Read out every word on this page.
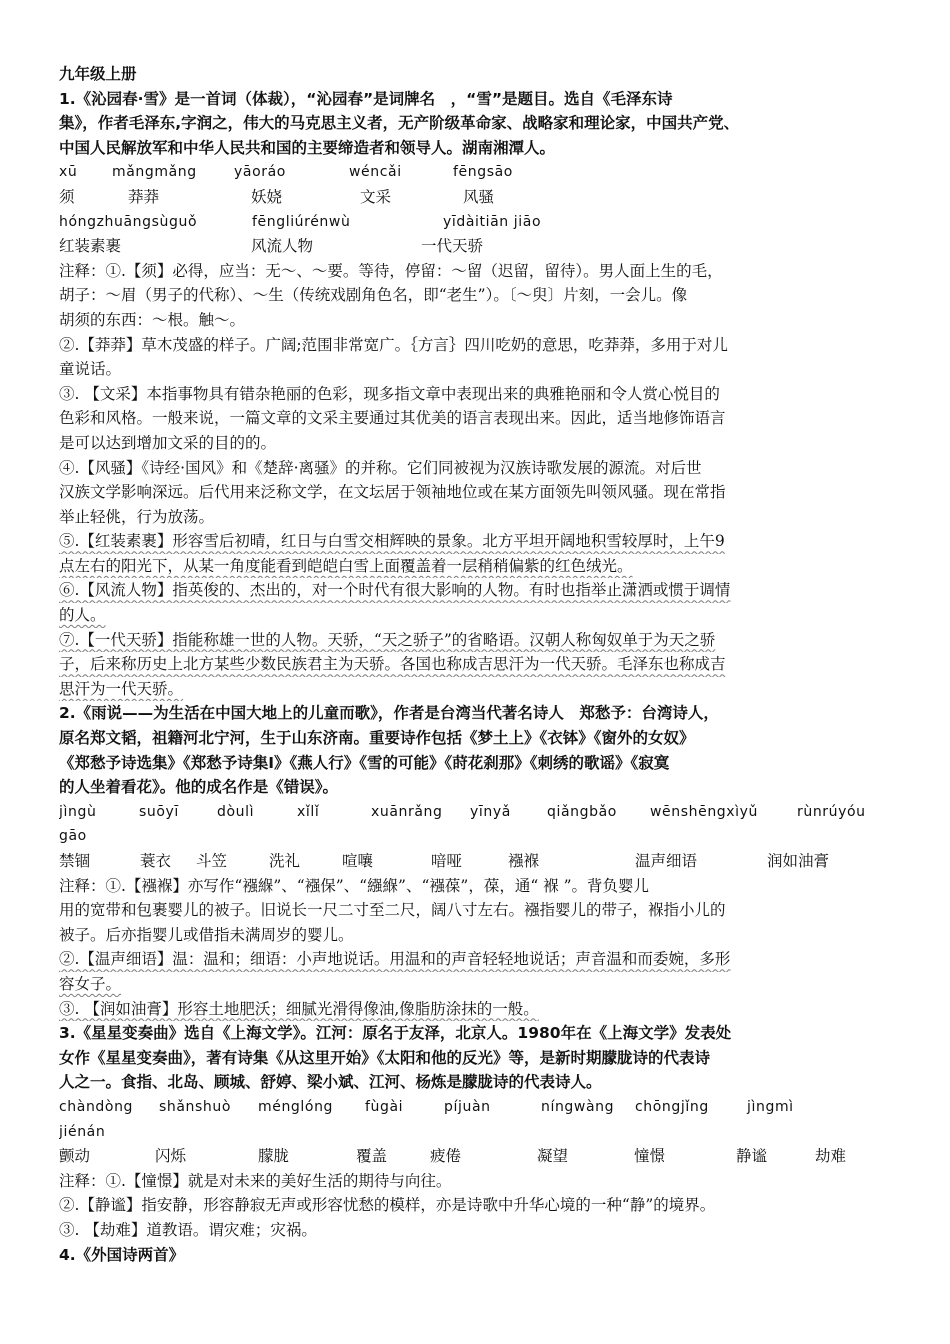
九年级上册
1.《沁园春·雪》是一首词（体裁），“沁园春”是词牌名　，“雪”是题目。选自《毛泽东诗
集》，作者毛泽东,字润之，伟大的马克思主义者，无产阶级革命家、战略家和理论家，中国共产党、
中国人民解放军和中华人民共和国的主要缔造者和领导人。湖南湘潭人。
xū mǎngmǎng	yāoráo	wéncǎi	fēngsāo
须	莽莽	妖娆	文采	风骚
hóngzhuāngsùguǒ	fēngliúrénwù	yīdàitiān jiāo
红装素裹	风流人物	一代天骄
注释：①.【须】必得，应当：无～、～要。等待，停留：～留（迟留，留待）。男人面上生的毛，
胡子：～眉（男子的代称）、～生（传统戏剧角色名，即“老生”）。〔～臾〕片刻，一会儿。像
胡须的东西：～根。触～。
②.【莽莽】草木茂盛的样子。广阔;范围非常宽广。｛方言｝四川吃奶的意思，吃莽莽，多用于对儿
童说话。
③. 【文采】本指事物具有错杂艳丽的色彩，现多指文章中表现出来的典雅艳丽和令人赏心悦目的
色彩和风格。一般来说，一篇文章的文采主要通过其优美的语言表现出来。因此，适当地修饰语言
是可以达到增加文采的目的的。
④.【风骚】《诗经·国风》和《楚辞·离骚》的并称。它们同被视为汉族诗歌发展的源流。对后世
汉族文学影响深远。后代用来泛称文学，在文坛居于领袖地位或在某方面领先叫领风骚。现在常指
举止轻佻，行为放荡。
⑤.【红装素裹】形容雪后初晴，红日与白雪交相辉映的景象。北方平坦开阔地积雪较厚时，上午9
点左右的阳光下，从某一角度能看到皑皑白雪上面覆盖着一层稍稍偏紫的红色绒光。
⑥.【风流人物】指英俊的、杰出的，对一个时代有很大影响的人物。有时也指举止潇洒或惯于调情
的人。
⑦.【一代天骄】指能称雄一世的人物。天骄，“天之骄子”的省略语。汉朝人称匈奴单于为天之骄
子，后来称历史上北方某些少数民族君主为天骄。各国也称成吉思汗为一代天骄。毛泽东也称成吉
思汗为一代天骄。
2.《雨说——为生活在中国大地上的儿童而歌》，作者是台湾当代著名诗人　郑愁予：台湾诗人，
原名郑文韬，祖籍河北宁河，生于山东济南。重要诗作包括《梦土上》《衣钵》《窗外的女奴》
《郑愁予诗选集》《郑愁予诗集Ⅰ》《燕人行》《雪的可能》《莳花刹那》《刺绣的歌谣》《寂寞
的人坐着看花》。他的成名作是《错误》。
jìngù	suōyī	dòulì	xǐlǐ	xuānrǎng yīnyǎ	qiǎngbǎo wēnshēngxìyǔ	rùnrúyóu
gāo
禁锢	蓑衣 斗笠	洗礼	喧嚷	喑哑	襁褓	温声细语	润如油膏
注释：①.【襁褓】亦写作“襁緥”、“襁保”、“繦緥”、“襁葆”，葆，通“ 褓 ”。背负婴儿
用的宽带和包裹婴儿的被子。旧说长一尺二寸至二尺，阔八寸左右。襁指婴儿的带子，褓指小儿的
被子。后亦指婴儿或借指未满周岁的婴儿。
②.【温声细语】温：温和；细语：小声地说话。用温和的声音轻轻地说话；声音温和而委婉，多形
容女子。
③. 【润如油膏】形容土地肥沃；细腻光滑得像油,像脂肪涂抹的一般。
3.《星星变奏曲》选自《上海文学》。江河：原名于友泽，北京人。1980年在《上海文学》发表处
女作《星星变奏曲》，著有诗集《从这里开始》《太阳和他的反光》等，是新时期朦胧诗的代表诗
人之一。食指、北岛、顾城、舒婷、梁小斌、江河、杨炼是朦胧诗的代表诗人。
chàndòng shǎnshuò ménglóng fùgài	píjuàn	níngwàng chōngjǐng	jìngmì
jiénán
颤动	闪烁	朦胧	覆盖	疲倦	凝望	憧憬	静谧	劫难
注释：①.【憧憬】就是对未来的美好生活的期待与向往。
②.【静谧】指安静，形容静寂无声或形容忧愁的模样，亦是诗歌中升华心境的一种“静”的境界。
③. 【劫难】道教语。谓灾难；灾祸。
4.《外国诗两首》
